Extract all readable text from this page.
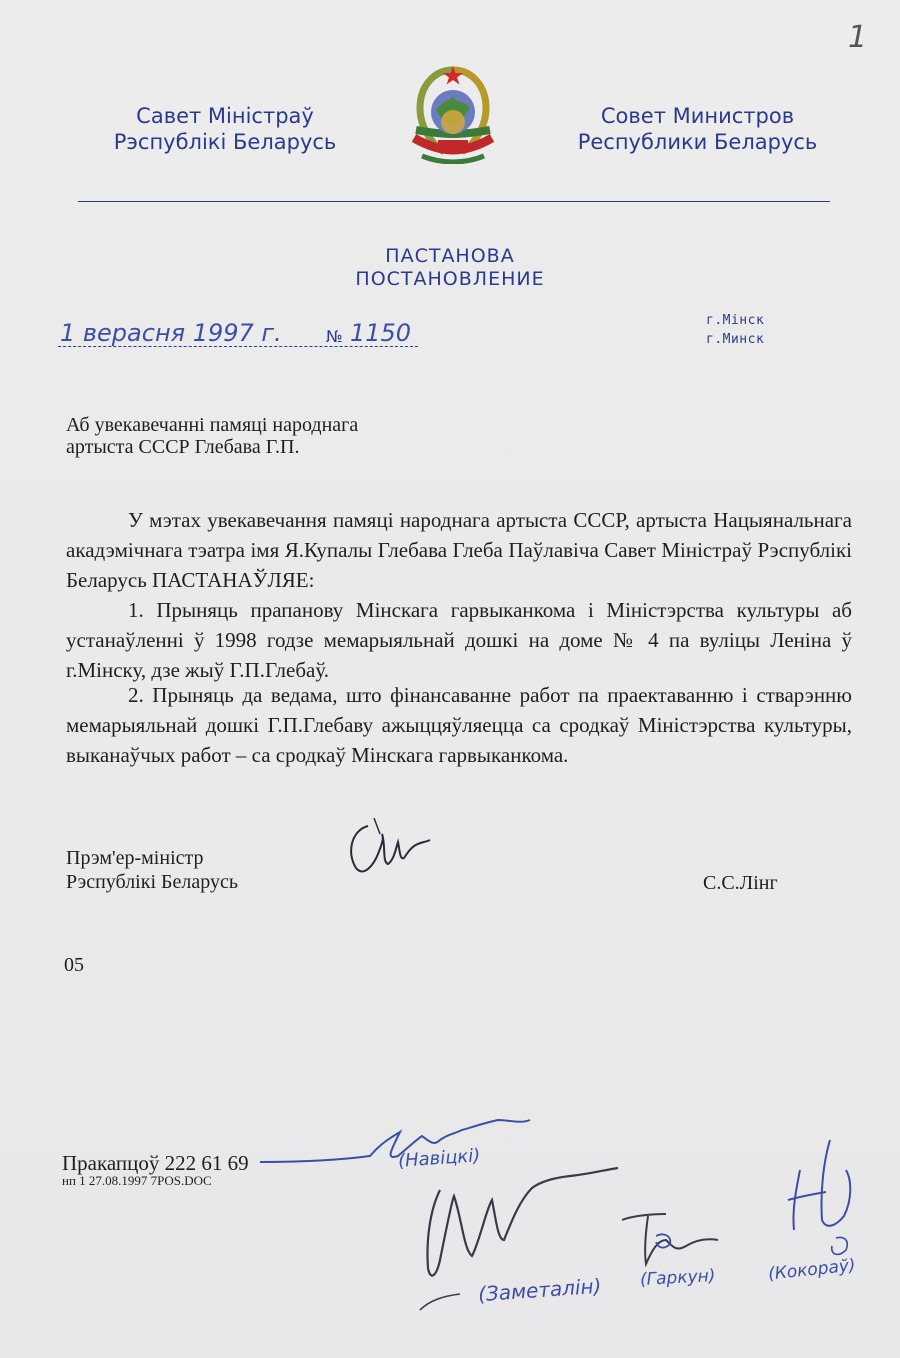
1
Савет Міністраў
Рэспублікі Беларусь
Совет Министров
Республики Беларусь
ПАСТАНОВА
ПОСТАНОВЛЕНИЕ
1 верасня 1997 г.	№ 1150	г.Мінск
г.Минск
Аб увекавечанні памяці народнага
артыста СССР Глебава Г.П.
У мэтах увекавечання памяці народнага артыста СССР, артыста Нацыянальнага акадэмічнага тэатра імя Я.Купалы Глебава Глеба Паўлавіча Савет Міністраў Рэспублікі Беларусь ПАСТАНАЎЛЯЕ:
1. Прыняць прапанову Мінскага гарвыканкома і Міністэрства культуры аб устанаўленні ў 1998 годзе мемарыяльнай дошкі на доме № 4 па вуліцы Леніна ў г.Мінску, дзе жыў Г.П.Глебаў.
2. Прыняць да ведама, што фінансаванне работ па праектаванню і стварэнню мемарыяльнай дошкі Г.П.Глебаву ажыццяўляецца са сродкаў Міністэрства культуры, выканаўчых работ – са сродкаў Мінскага гарвыканкома.
Прэм'ер-міністр
Рэспублікі Беларусь	С.С.Лінг
05
Пракапцоў 222 61 69
нп 1 27.08.1997 7POS.DOC
(Навіцкі)
(Заметалін) (Гаркун)	(Кокораў)
